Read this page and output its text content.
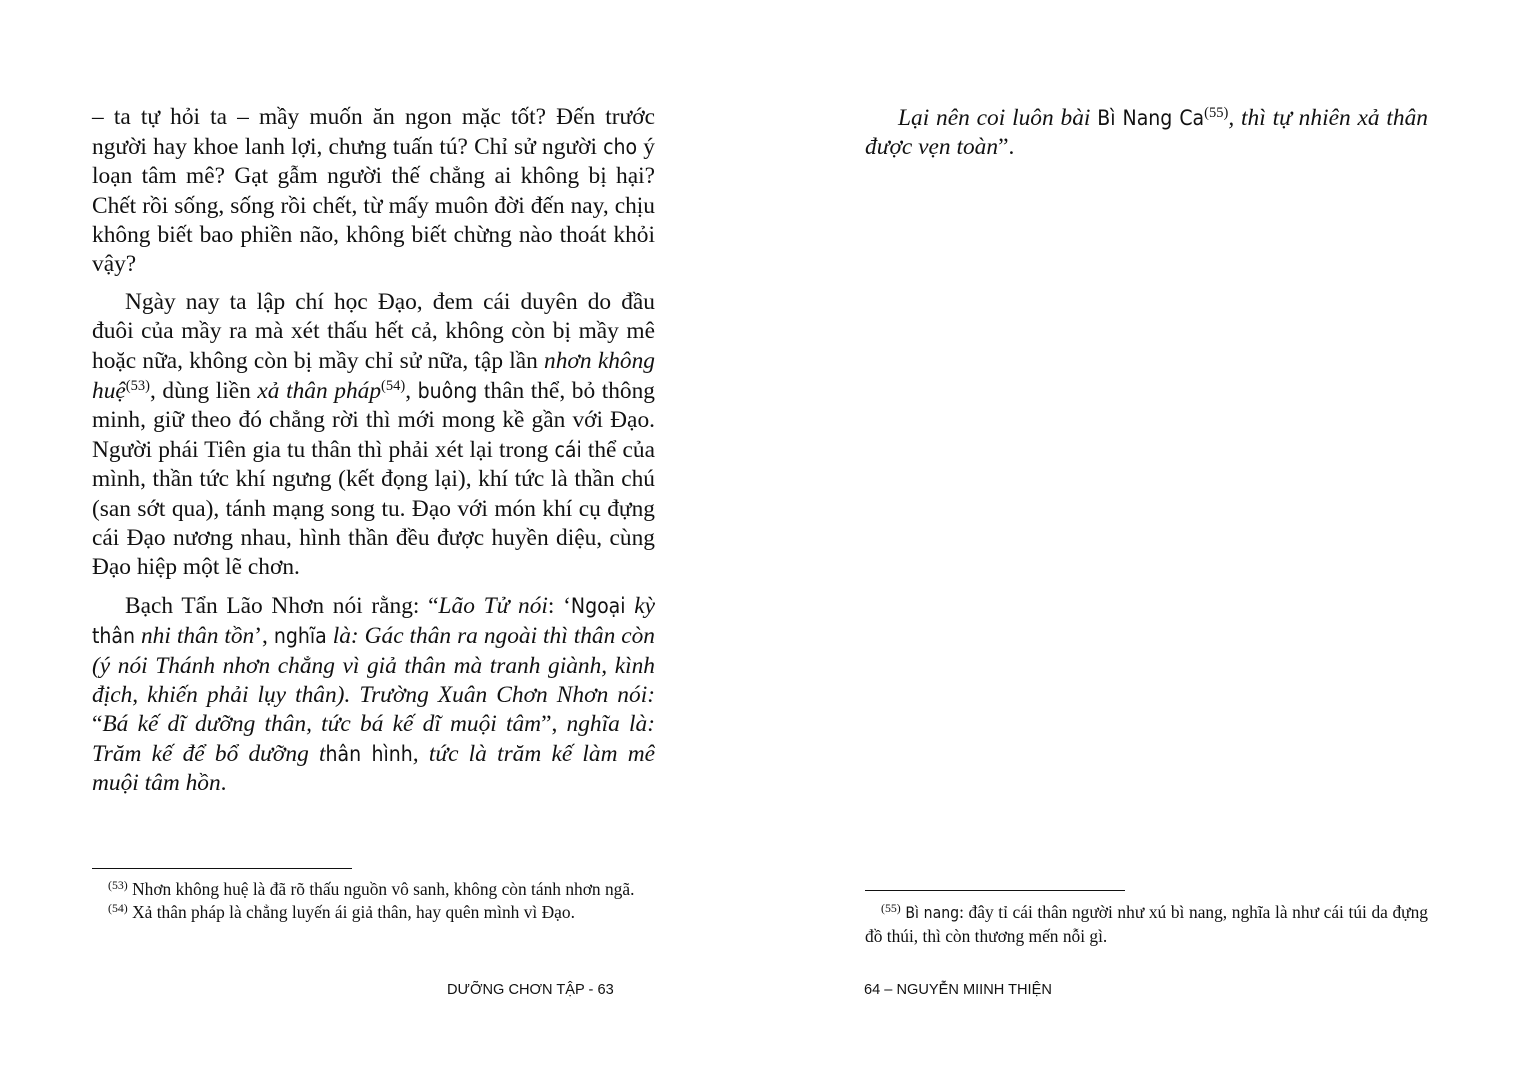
– ta tự hỏi ta – mầy muốn ăn ngon mặc tốt? Đến trước người hay khoe lanh lợi, chưng tuấn tú? Chỉ sử người cho ý loạn tâm mê? Gạt gẫm người thế chẳng ai không bị hại? Chết rồi sống, sống rồi chết, từ mấy muôn đời đến nay, chịu không biết bao phiền não, không biết chừng nào thoát khỏi vậy?

Ngày nay ta lập chí học Đạo, đem cái duyên do đầu đuôi của mầy ra mà xét thấu hết cả, không còn bị mầy mê hoặc nữa, không còn bị mầy chỉ sử nữa, tập lần nhơn không huệ$^{(53)}$, dùng liền xả thân pháp$^{(54)}$, buông thân thể, bỏ thông minh, giữ theo đó chẳng rời thì mới mong kề gần với Đạo. Người phái Tiên gia tu thân thì phải xét lại trong cái thể của mình, thần tức khí ngưng (kết đọng lại), khí tức là thần chú (san sớt qua), tánh mạng song tu. Đạo với món khí cụ đựng cái Đạo nương nhau, hình thần đều được huyền diệu, cùng Đạo hiệp một lẽ chơn.

Bạch Tẩn Lão Nhơn nói rằng: “Lão Tử nói: ‘Ngoại kỳ thân nhi thân tồn’, nghĩa là: Gác thân ra ngoài thì thân còn (ý nói Thánh nhơn chẳng vì giả thân mà tranh giành, kình địch, khiến phải lụy thân). Trường Xuân Chơn Nhơn nói: “Bá kế dĩ dưỡng thân, tức bá kế dĩ muội tâm”, nghĩa là: Trăm kế để bổ dưỡng thân hình, tức là trăm kế làm mê muội tâm hồn.

$^{(53)}$ Nhơn không huệ là đã rõ thấu nguồn vô sanh, không còn tánh nhơn ngã.

$^{(54)}$ Xả thân pháp là chẳng luyến ái giả thân, hay quên mình vì Đạo.

DƯỠNG CHƠN TẬP - 63

Lại nên coi luôn bài Bì Nang Ca$^{(55)}$, thì tự nhiên xả thân được vẹn toàn”.

$^{(55)}$ Bì nang: đây tỉ cái thân người như xú bì nang, nghĩa là như cái túi da đựng đồ thúi, thì còn thương mến nỗi gì.

64 – NGUYỄN MIINH THIỆN
